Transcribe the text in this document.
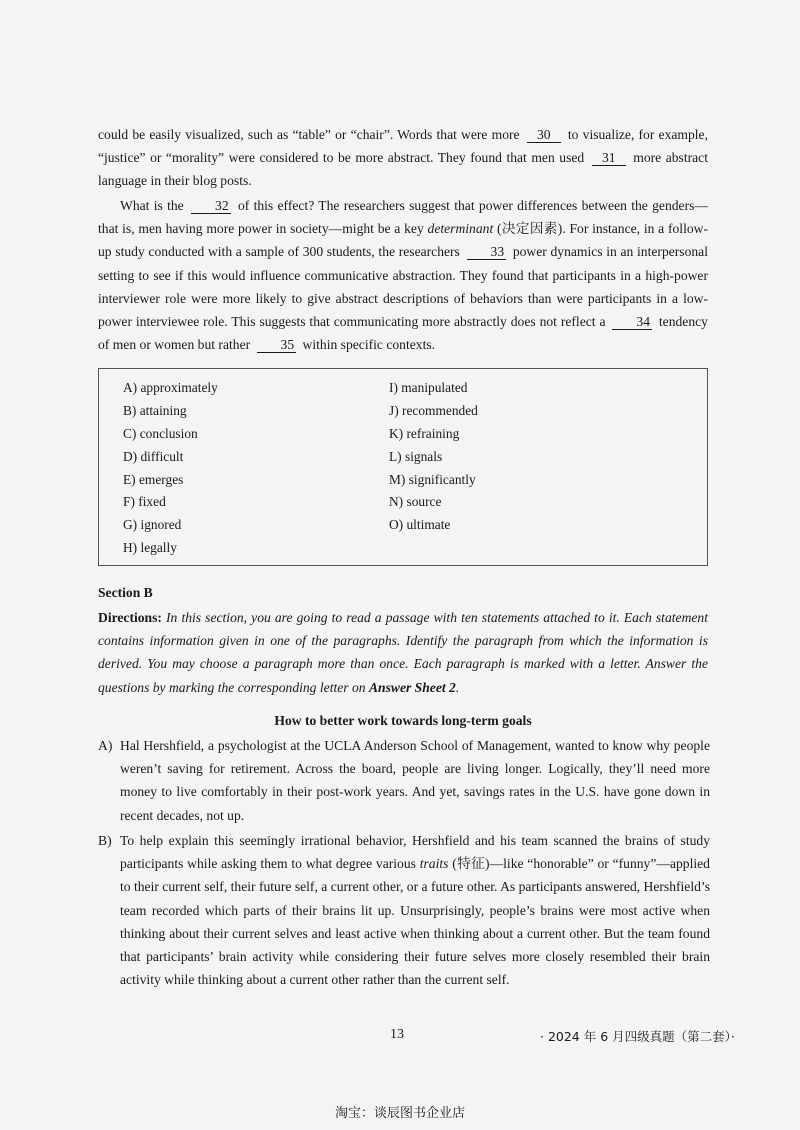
could be easily visualized, such as “table” or “chair”. Words that were more 30 to visualize, for example, “justice” or “morality” were considered to be more abstract. They found that men used 31 more abstract language in their blog posts.
What is the 32 of this effect? The researchers suggest that power differences between the genders—that is, men having more power in society—might be a key determinant (决定因素). For instance, in a follow-up study conducted with a sample of 300 students, the researchers 33 power dynamics in an interpersonal setting to see if this would influence communicative abstraction. They found that participants in a high-power interviewer role were more likely to give abstract descriptions of behaviors than were participants in a low-power interviewee role. This suggests that communicating more abstractly does not reflect a 34 tendency of men or women but rather 35 within specific contexts.
A) approximately
B) attaining
C) conclusion
D) difficult
E) emerges
F) fixed
G) ignored
H) legally
I) manipulated
J) recommended
K) refraining
L) signals
M) significantly
N) source
O) ultimate
Section B
Directions: In this section, you are going to read a passage with ten statements attached to it. Each statement contains information given in one of the paragraphs. Identify the paragraph from which the information is derived. You may choose a paragraph more than once. Each paragraph is marked with a letter. Answer the questions by marking the corresponding letter on Answer Sheet 2.
How to better work towards long-term goals
A) Hal Hershfield, a psychologist at the UCLA Anderson School of Management, wanted to know why people weren’t saving for retirement. Across the board, people are living longer. Logically, they’ll need more money to live comfortably in their post-work years. And yet, savings rates in the U.S. have gone down in recent decades, not up.
B) To help explain this seemingly irrational behavior, Hershfield and his team scanned the brains of study participants while asking them to what degree various traits (特征)—like “honorable” or “funny”—applied to their current self, their future self, a current other, or a future other. As participants answered, Hershfield’s team recorded which parts of their brains lit up. Unsurprisingly, people’s brains were most active when thinking about their current selves and least active when thinking about a current other. But the team found that participants’ brain activity while considering their future selves more closely resembled their brain activity while thinking about a current other rather than the current self.
13	· 2024 年 6 月四级真题（第二套）·
淘宝：谈辰图书企业店
